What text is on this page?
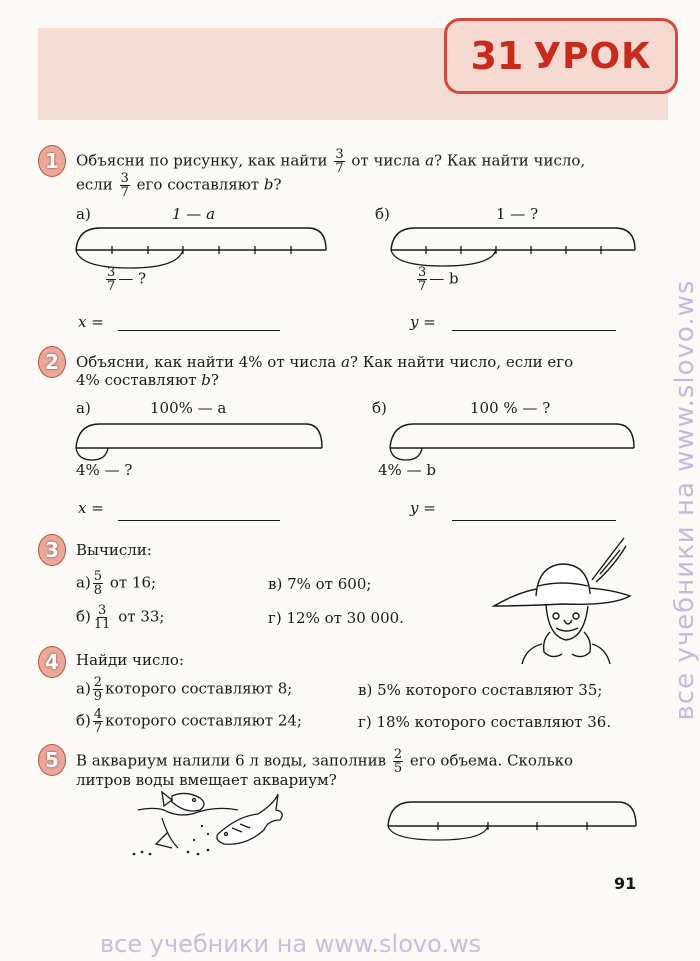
31 УРОК
1 Объясни по рисунку, как найти $\frac{3}{7}$ от числа a? Как найти число,
если $\frac{3}{7}$ его составляют b?
а)	1 — a
$\frac{3}{7}$ — ?
б)	1 — ?
$\frac{3}{7}$ — b
x =	y =
2 Объясни, как найти 4% от числа a? Как найти число, если его
4% составляют b?
а)	100% — a
4% — ?
б)	100 % — ?
4% — b
x =	y =
3 Вычисли:
$а) \frac{5}{8}$ от 16;	в) 7% от 600;
$б) \frac{3}{11}$ от 33;	г) 12% от 30 000.
4 Найди число:
$а) \frac{2}{9}$ которого составляют 8;	в) 5% которого составляют 35;
$б) \frac{4}{7}$ которого составляют 24;	г) 18% которого составляют 36.
5 В аквариум налили 6 л воды, заполнив $\frac{2}{5}$ его объема. Сколько
литров воды вмещает аквариум?
91
все учебники на www.slovo.ws
все учебники на www.slovo.ws
